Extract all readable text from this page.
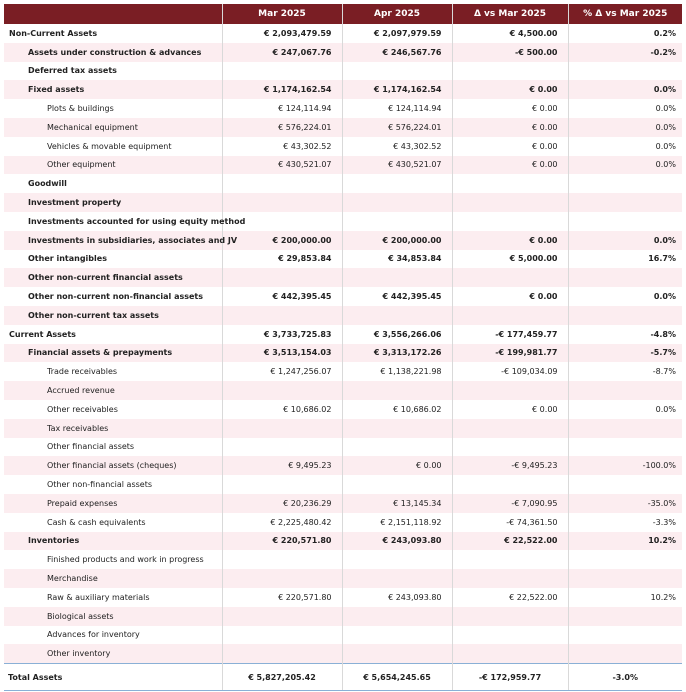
	Mar 2025	Apr 2025	Δ vs Mar 2025	% Δ vs Mar 2025
Non-Current Assets	€ 2,093,479.59	€ 2,097,979.59	€ 4,500.00	0.2%
Assets under construction & advances	€ 247,067.76	€ 246,567.76	-€ 500.00	-0.2%
Deferred tax assets				
Fixed assets	€ 1,174,162.54	€ 1,174,162.54	€ 0.00	0.0%
Plots & buildings	€ 124,114.94	€ 124,114.94	€ 0.00	0.0%
Mechanical equipment	€ 576,224.01	€ 576,224.01	€ 0.00	0.0%
Vehicles & movable equipment	€ 43,302.52	€ 43,302.52	€ 0.00	0.0%
Other equipment	€ 430,521.07	€ 430,521.07	€ 0.00	0.0%
Goodwill				
Investment property				
Investments accounted for using equity method				
Investments in subsidiaries, associates and JV	€ 200,000.00	€ 200,000.00	€ 0.00	0.0%
Other intangibles	€ 29,853.84	€ 34,853.84	€ 5,000.00	16.7%
Other non-current financial assets				
Other non-current non-financial assets	€ 442,395.45	€ 442,395.45	€ 0.00	0.0%
Other non-current tax assets				
Current Assets	€ 3,733,725.83	€ 3,556,266.06	-€ 177,459.77	-4.8%
Financial assets & prepayments	€ 3,513,154.03	€ 3,313,172.26	-€ 199,981.77	-5.7%
Trade receivables	€ 1,247,256.07	€ 1,138,221.98	-€ 109,034.09	-8.7%
Accrued revenue				
Other receivables	€ 10,686.02	€ 10,686.02	€ 0.00	0.0%
Tax receivables				
Other financial assets				
Other financial assets (cheques)	€ 9,495.23	€ 0.00	-€ 9,495.23	-100.0%
Other non-financial assets				
Prepaid expenses	€ 20,236.29	€ 13,145.34	-€ 7,090.95	-35.0%
Cash & cash equivalents	€ 2,225,480.42	€ 2,151,118.92	-€ 74,361.50	-3.3%
Inventories	€ 220,571.80	€ 243,093.80	€ 22,522.00	10.2%
Finished products and work in progress				
Merchandise				
Raw & auxiliary materials	€ 220,571.80	€ 243,093.80	€ 22,522.00	10.2%
Biological assets				
Advances for inventory				
Other inventory				
Total Assets	€ 5,827,205.42	€ 5,654,245.65	-€ 172,959.77	-3.0%
